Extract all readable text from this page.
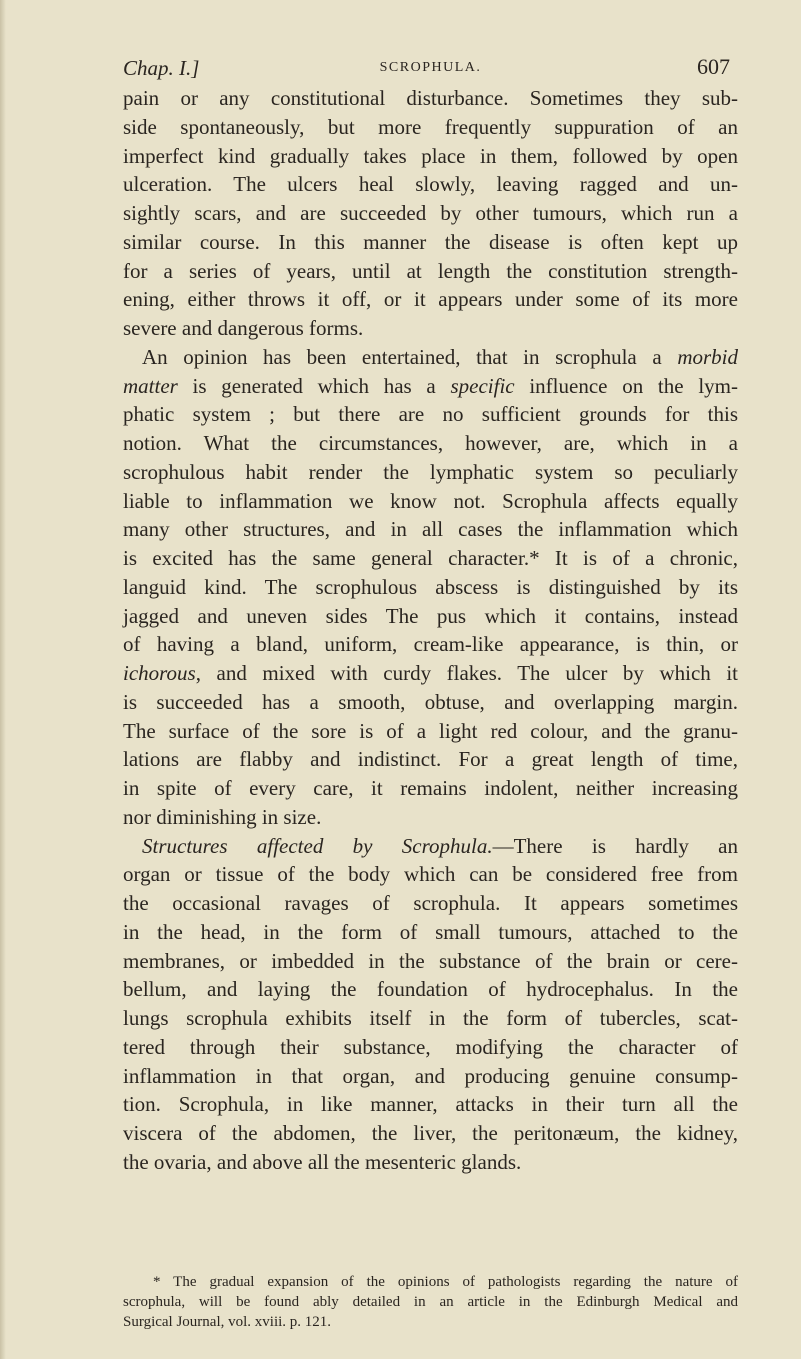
Chap. I.]	SCROPHULA.	607
pain or any constitutional disturbance. Sometimes they sub-
side spontaneously, but more frequently suppuration of an
imperfect kind gradually takes place in them, followed by open
ulceration. The ulcers heal slowly, leaving ragged and un-
sightly scars, and are succeeded by other tumours, which run a
similar course. In this manner the disease is often kept up
for a series of years, until at length the constitution strength-
ening, either throws it off, or it appears under some of its more
severe and dangerous forms.
An opinion has been entertained, that in scrophula a morbid
matter is generated which has a specific influence on the lym-
phatic system ; but there are no sufficient grounds for this
notion. What the circumstances, however, are, which in a
scrophulous habit render the lymphatic system so peculiarly
liable to inflammation we know not. Scrophula affects equally
many other structures, and in all cases the inflammation which
is excited has the same general character.* It is of a chronic,
languid kind. The scrophulous abscess is distinguished by its
jagged and uneven sides The pus which it contains, instead
of having a bland, uniform, cream-like appearance, is thin, or
ichorous, and mixed with curdy flakes. The ulcer by which it
is succeeded has a smooth, obtuse, and overlapping margin.
The surface of the sore is of a light red colour, and the granu-
lations are flabby and indistinct. For a great length of time,
in spite of every care, it remains indolent, neither increasing
nor diminishing in size.
Structures affected by Scrophula.—There is hardly an
organ or tissue of the body which can be considered free from
the occasional ravages of scrophula. It appears sometimes
in the head, in the form of small tumours, attached to the
membranes, or imbedded in the substance of the brain or cere-
bellum, and laying the foundation of hydrocephalus. In the
lungs scrophula exhibits itself in the form of tubercles, scat-
tered through their substance, modifying the character of
inflammation in that organ, and producing genuine consump-
tion. Scrophula, in like manner, attacks in their turn all the
viscera of the abdomen, the liver, the peritonæum, the kidney,
the ovaria, and above all the mesenteric glands.
* The gradual expansion of the opinions of pathologists regarding the nature of
scrophula, will be found ably detailed in an article in the Edinburgh Medical and
Surgical Journal, vol. xviii. p. 121.
